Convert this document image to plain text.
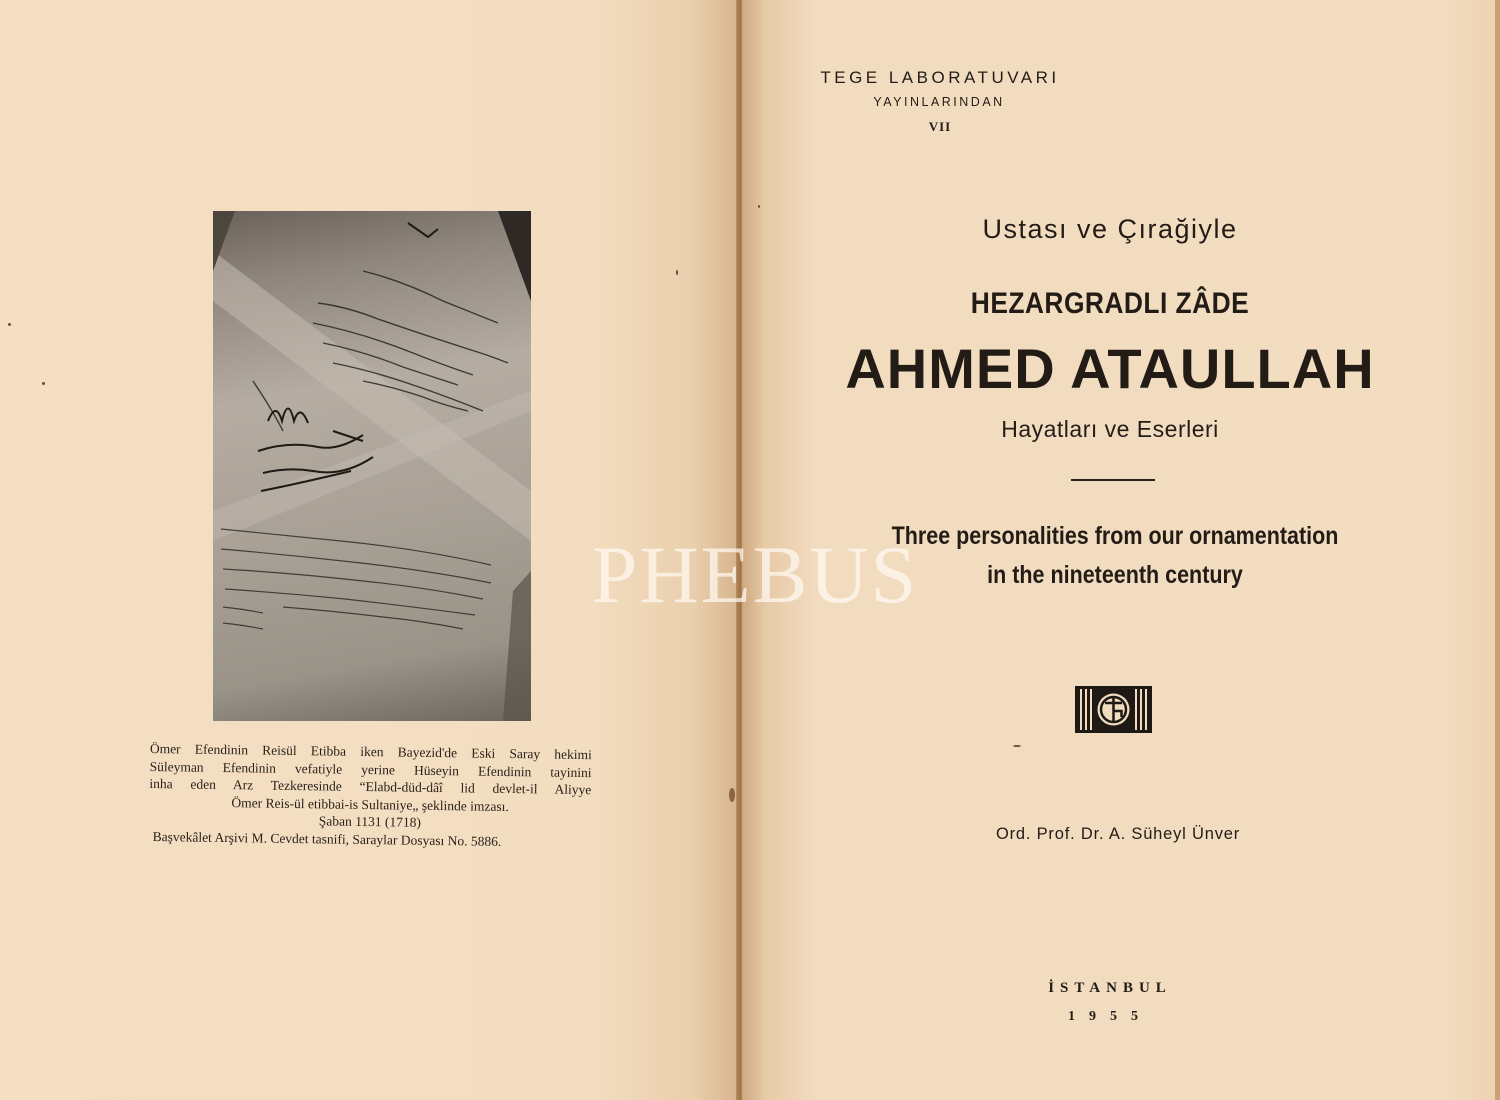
Ömer Efendinin Reisül Etibba iken Bayezid'de Eski Saray hekimi
Süleyman Efendinin vefatiyle yerine Hüseyin Efendinin tayinini
inha eden Arz Tezkeresinde “Elabd-düd-dâî lid devlet-il Aliyye
Ömer Reis-ül etibbai-is Sultaniye„ şeklinde imzası.
Şaban 1131 (1718)
Başvekâlet Arşivi M. Cevdet tasnifi, Saraylar Dosyası No. 5886.
TEGE LABORATUVARI
YAYINLARINDAN
VII
Ustası ve Çırağiyle
HEZARGRADLI ZÂDE
AHMED ATAULLAH
Hayatları ve Eserleri
Three personalities from our ornamentation
in the nineteenth century
Ord. Prof. Dr. A. Süheyl Ünver
İSTANBUL
1955
PHEBUS
